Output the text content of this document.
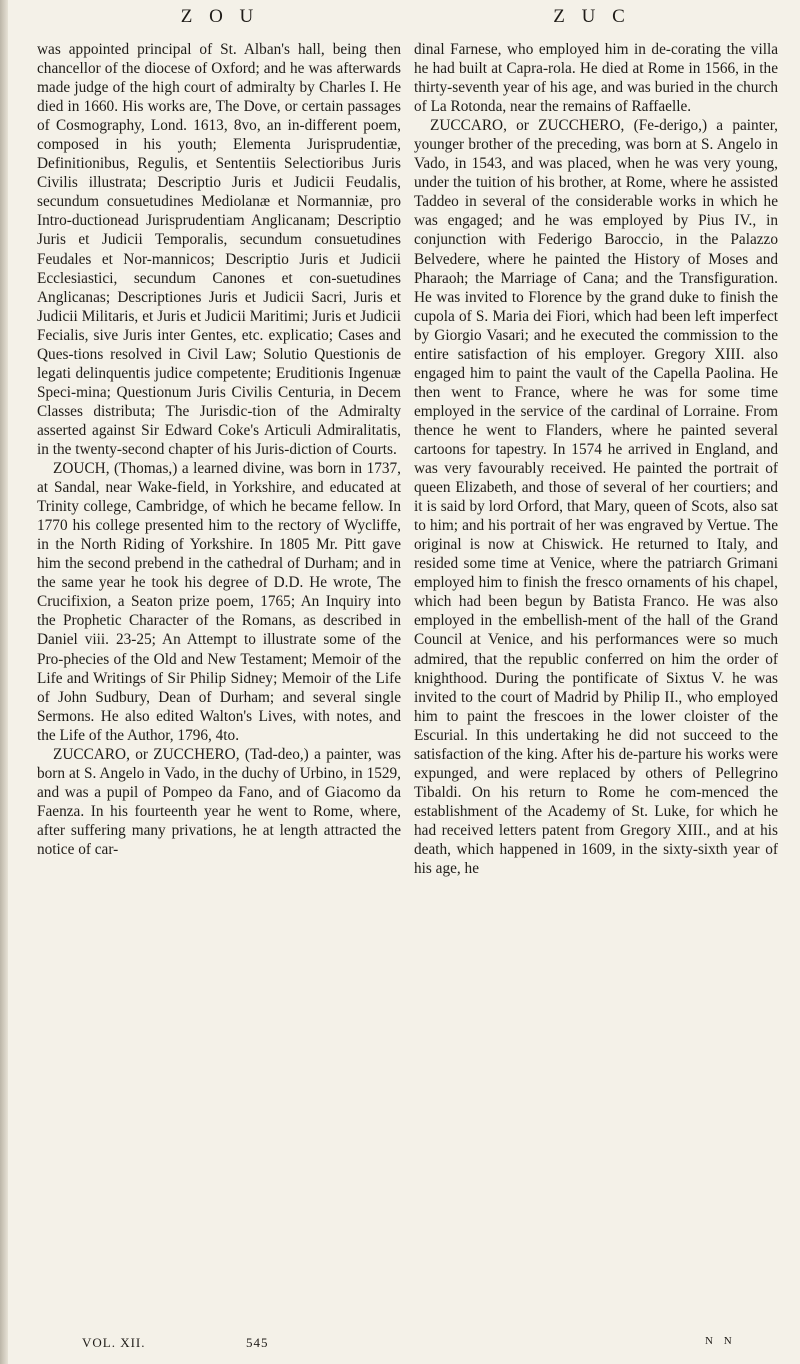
Z O U	Z U C

was appointed principal of St. Alban's hall, being then chancellor of the diocese of Oxford; and he was afterwards made judge of the high court of admiralty by Charles I. He died in 1660. His works are, The Dove, or certain passages of Cosmography, Lond. 1613, 8vo, an in-different poem, composed in his youth; Elementa Jurisprudentiæ, Definitionibus, Regulis, et Sententiis Selectioribus Juris Civilis illustrata; Descriptio Juris et Judicii Feudalis, secundum consuetudines Mediolanæ et Normanniæ, pro Intro-ductionead Jurisprudentiam Anglicanam; Descriptio Juris et Judicii Temporalis, secundum consuetudines Feudales et Nor-mannicos; Descriptio Juris et Judicii Ecclesiastici, secundum Canones et con-suetudines Anglicanas; Descriptiones Juris et Judicii Sacri, Juris et Judicii Militaris, et Juris et Judicii Maritimi; Juris et Judicii Fecialis, sive Juris inter Gentes, etc. explicatio; Cases and Ques-tions resolved in Civil Law; Solutio Questionis de legati delinquentis judice competente; Eruditionis Ingenuæ Speci-mina; Questionum Juris Civilis Centuria, in Decem Classes distributa; The Jurisdic-tion of the Admiralty asserted against Sir Edward Coke's Articuli Admiralitatis, in the twenty-second chapter of his Juris-diction of Courts.

ZOUCH, (Thomas,) a learned divine, was born in 1737, at Sandal, near Wake-field, in Yorkshire, and educated at Trinity college, Cambridge, of which he became fellow. In 1770 his college presented him to the rectory of Wycliffe, in the North Riding of Yorkshire. In 1805 Mr. Pitt gave him the second prebend in the cathedral of Durham; and in the same year he took his degree of D.D. He wrote, The Crucifixion, a Seaton prize poem, 1765; An Inquiry into the Prophetic Character of the Romans, as described in Daniel viii. 23-25; An Attempt to illustrate some of the Pro-phecies of the Old and New Testament; Memoir of the Life and Writings of Sir Philip Sidney; Memoir of the Life of John Sudbury, Dean of Durham; and several single Sermons. He also edited Walton's Lives, with notes, and the Life of the Author, 1796, 4to.

ZUCCARO, or ZUCCHERO, (Tad-deo,) a painter, was born at S. Angelo in Vado, in the duchy of Urbino, in 1529, and was a pupil of Pompeo da Fano, and of Giacomo da Faenza. In his fourteenth year he went to Rome, where, after suffering many privations, he at length attracted the notice of car-

dinal Farnese, who employed him in de-corating the villa he had built at Capra-rola. He died at Rome in 1566, in the thirty-seventh year of his age, and was buried in the church of La Rotonda, near the remains of Raffaelle.

ZUCCARO, or ZUCCHERO, (Fe-derigo,) a painter, younger brother of the preceding, was born at S. Angelo in Vado, in 1543, and was placed, when he was very young, under the tuition of his brother, at Rome, where he assisted Taddeo in several of the considerable works in which he was engaged; and he was employed by Pius IV., in conjunction with Federigo Baroccio, in the Palazzo Belvedere, where he painted the History of Moses and Pharaoh; the Marriage of Cana; and the Transfiguration. He was invited to Florence by the grand duke to finish the cupola of S. Maria dei Fiori, which had been left imperfect by Giorgio Vasari; and he executed the commission to the entire satisfaction of his employer. Gregory XIII. also engaged him to paint the vault of the Capella Paolina. He then went to France, where he was for some time employed in the service of the cardinal of Lorraine. From thence he went to Flanders, where he painted several cartoons for tapestry. In 1574 he arrived in England, and was very favourably received. He painted the portrait of queen Elizabeth, and those of several of her courtiers; and it is said by lord Orford, that Mary, queen of Scots, also sat to him; and his portrait of her was engraved by Vertue. The original is now at Chiswick. He returned to Italy, and resided some time at Venice, where the patriarch Grimani employed him to finish the fresco ornaments of his chapel, which had been begun by Batista Franco. He was also employed in the embellish-ment of the hall of the Grand Council at Venice, and his performances were so much admired, that the republic conferred on him the order of knighthood. During the pontificate of Sixtus V. he was invited to the court of Madrid by Philip II., who employed him to paint the frescoes in the lower cloister of the Escurial. In this undertaking he did not succeed to the satisfaction of the king. After his de-parture his works were expunged, and were replaced by others of Pellegrino Tibaldi. On his return to Rome he com-menced the establishment of the Academy of St. Luke, for which he had received letters patent from Gregory XIII., and at his death, which happened in 1609, in the sixty-sixth year of his age, he

VOL. XII.	545	N N
